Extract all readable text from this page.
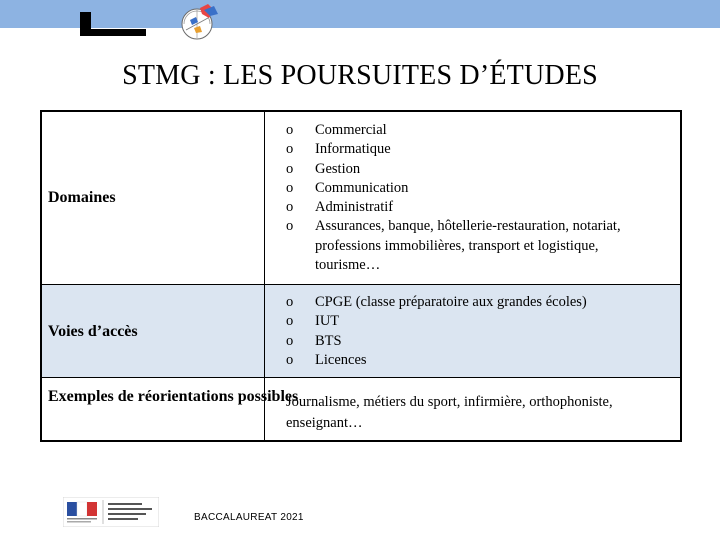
STMG : LES POURSUITES D’ÉTUDES
Domaines
o Commercial
o Informatique
o Gestion
o Communication
o Administratif
o Assurances, banque, hôtellerie-restauration, notariat, professions immobilières, transport et logistique, tourisme…
Voies d’accès
o CPGE (classe préparatoire aux grandes écoles)
o IUT
o BTS
o Licences
Exemples de réorientations possibles

Journalisme, métiers du sport, infirmière, orthophoniste, enseignant…

BACCALAUREAT 2021
